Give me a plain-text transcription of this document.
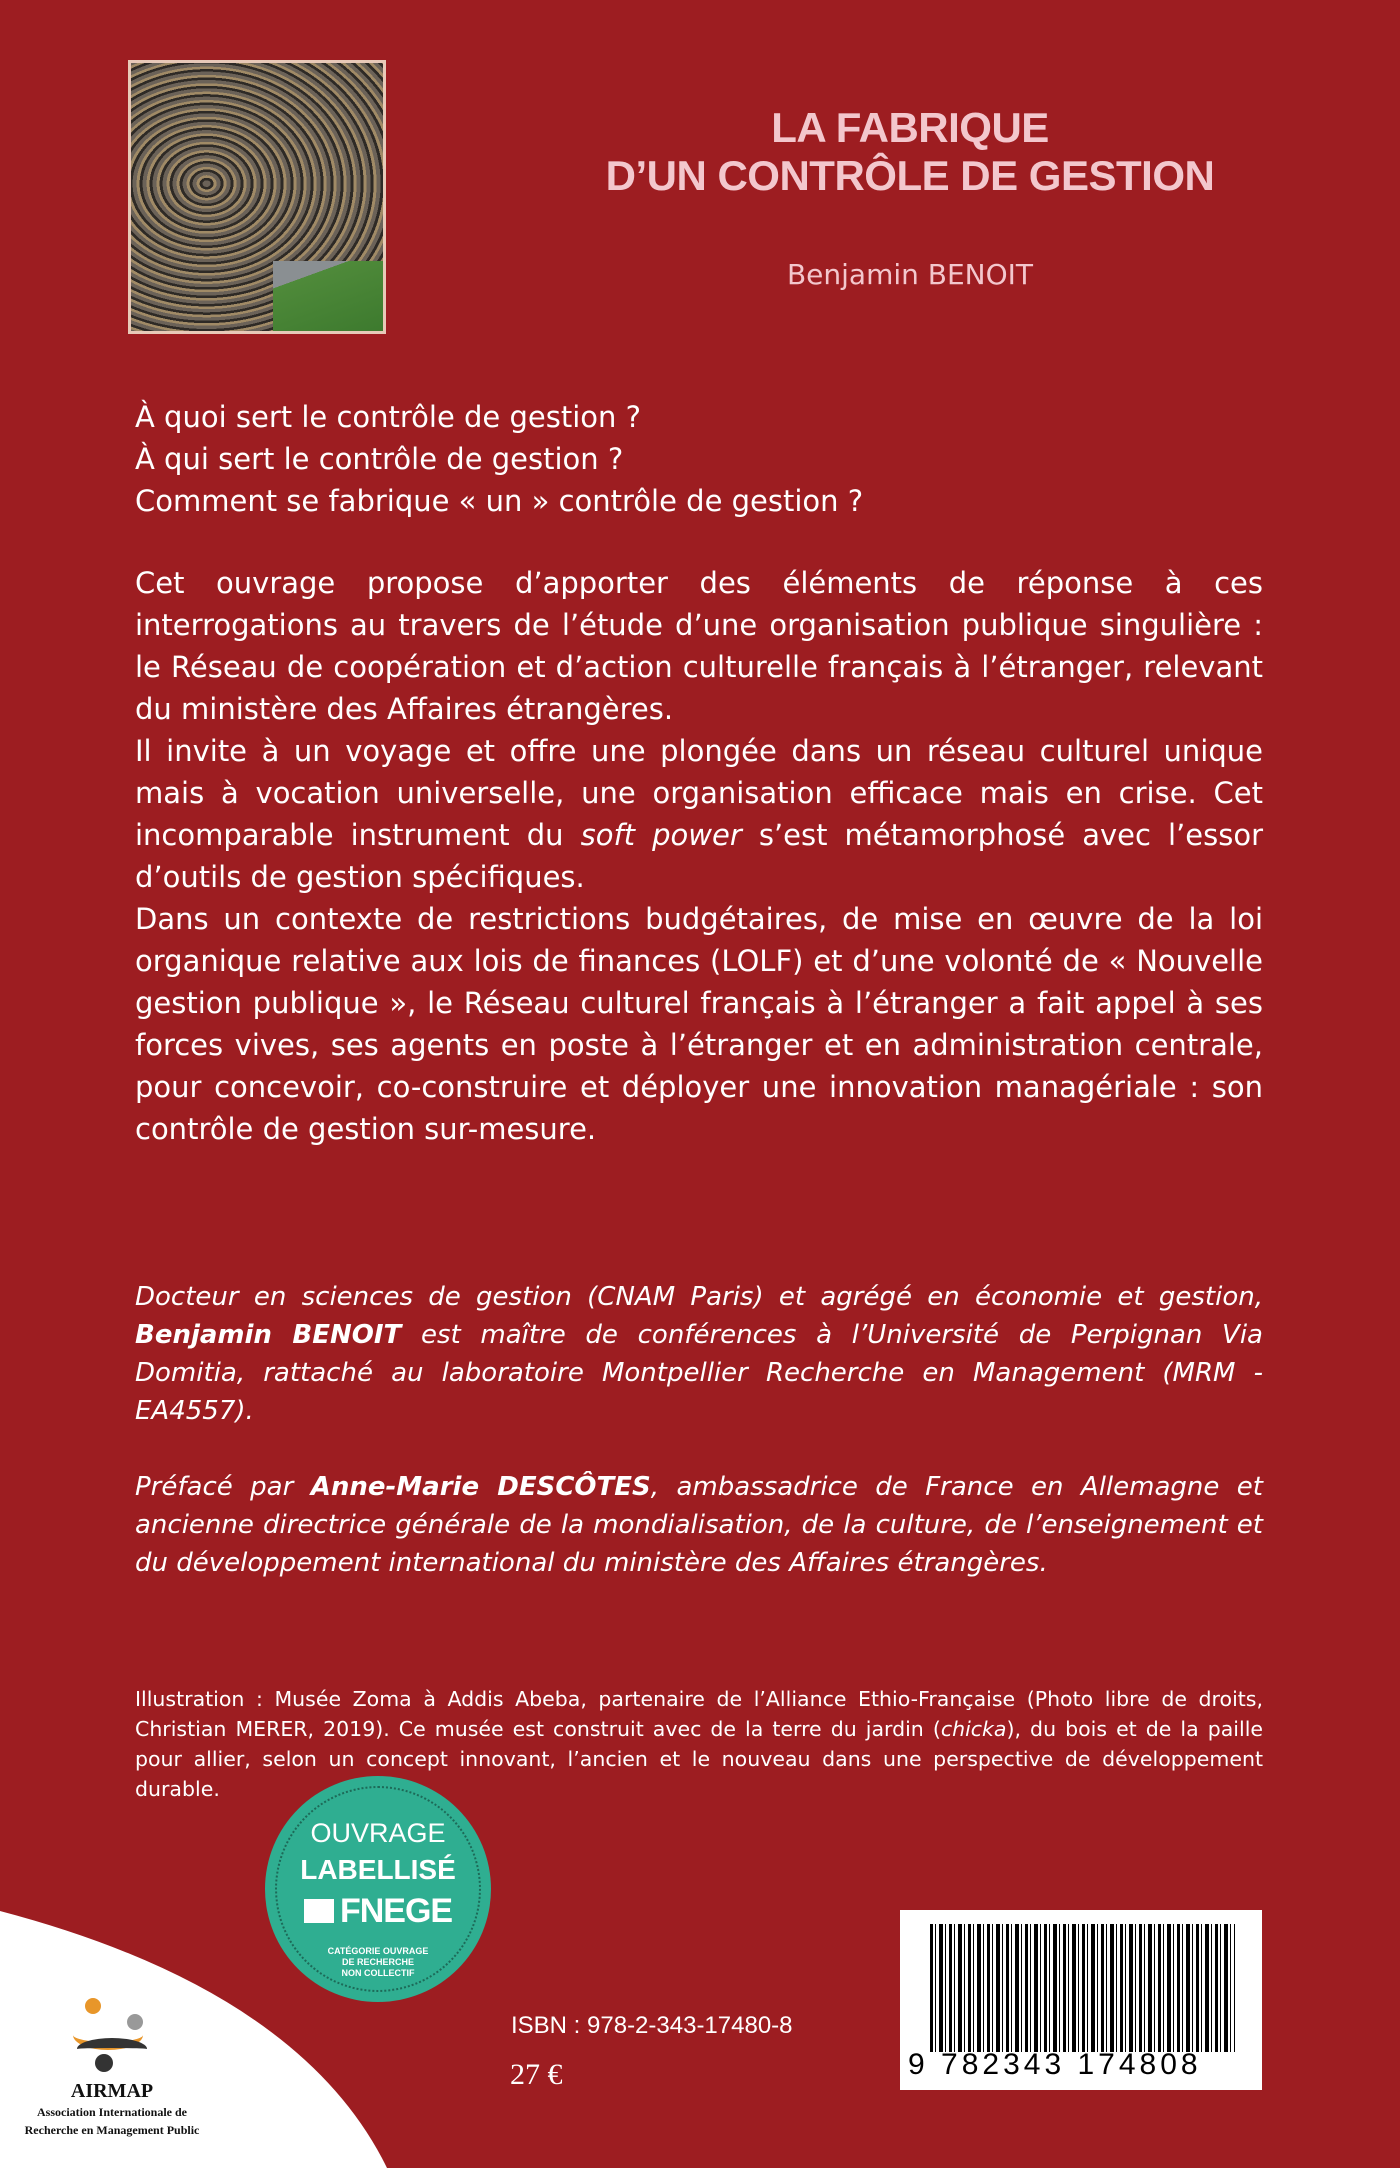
LA FABRIQUE
D’UN CONTRÔLE DE GESTION
Benjamin BENOIT
À quoi sert le contrôle de gestion ?
À qui sert le contrôle de gestion ?
Comment se fabrique « un » contrôle de gestion ?

Cet ouvrage propose d’apporter des éléments de réponse à ces interrogations au travers de l’étude d’une organisation publique singulière : le Réseau de coopération et d’action culturelle français à l’étranger, relevant du ministère des Affaires étrangères.

Il invite à un voyage et offre une plongée dans un réseau culturel unique mais à vocation universelle, une organisation efficace mais en crise. Cet incomparable instrument du soft power s’est métamorphosé avec l’essor d’outils de gestion spécifiques.

Dans un contexte de restrictions budgétaires, de mise en œuvre de la loi organique relative aux lois de finances (LOLF) et d’une volonté de « Nouvelle gestion publique », le Réseau culturel français à l’étranger a fait appel à ses forces vives, ses agents en poste à l’étranger et en administration centrale, pour concevoir, co-construire et déployer une innovation managériale : son contrôle de gestion sur-mesure.

Docteur en sciences de gestion (CNAM Paris) et agrégé en économie et gestion, Benjamin BENOIT est maître de conférences à l’Université de Perpignan Via Domitia, rattaché au laboratoire Montpellier Recherche en Management (MRM - EA4557).

Préfacé par Anne-Marie DESCÔTES, ambassadrice de France en Allemagne et ancienne directrice générale de la mondialisation, de la culture, de l’enseignement et du développement international du ministère des Affaires étrangères.

Illustration : Musée Zoma à Addis Abeba, partenaire de l’Alliance Ethio-Française (Photo libre de droits, Christian MERER, 2019). Ce musée est construit avec de la terre du jardin (chicka), du bois et de la paille pour allier, selon un concept innovant, l’ancien et le nouveau dans une perspective de développement durable.
OUVRAGE
LABELLISÉ
FNEGE
CATÉGORIE OUVRAGE
DE RECHERCHE
NON COLLECTIF
AIRMAP
Association Internationale de
Recherche en Management Public
ISBN : 978-2-343-17480-8
27 €	9 782343 174808
